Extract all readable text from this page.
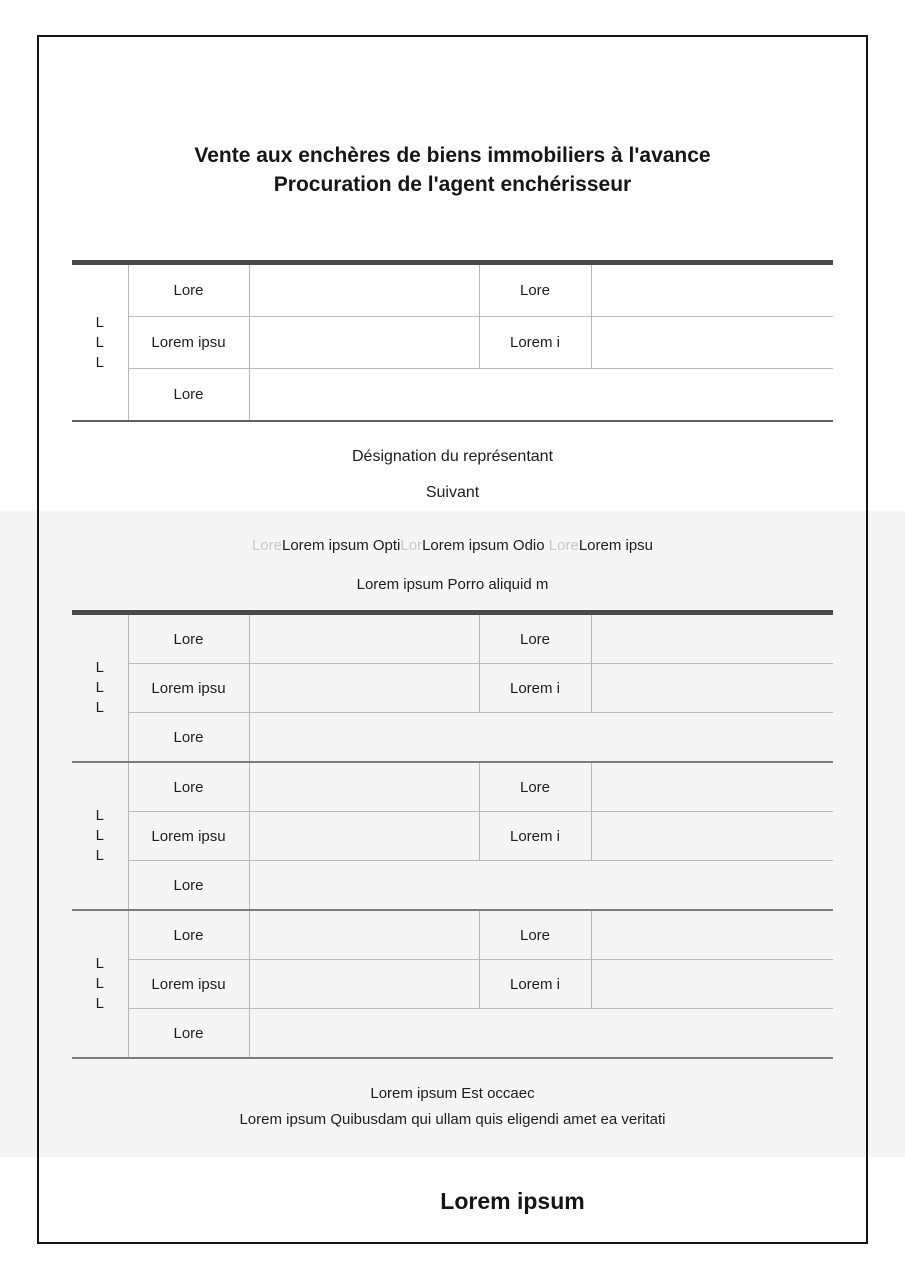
Vente aux enchères de biens immobiliers à l'avance
Procuration de l'agent enchérisseur
L
L
L	Lore		Lore	
	Lorem ipsu		Lorem i	
	Lore			
Désignation du représentant
Suivant
LoreLorem ipsum OptiLorLorem ipsum Odio LoreLorem ipsu
Lorem ipsum Porro aliquid m
L
L
L	Lore		Lore	
	Lorem ipsu		Lorem i	
	Lore			
L
L
L	Lore		Lore	
	Lorem ipsu		Lorem i	
	Lore			
L
L
L	Lore		Lore	
	Lorem ipsu		Lorem i	
	Lore			
Lorem ipsum Est occaec
Lorem ipsum Quibusdam qui ullam quis eligendi amet ea veritati
Lorem ipsum
